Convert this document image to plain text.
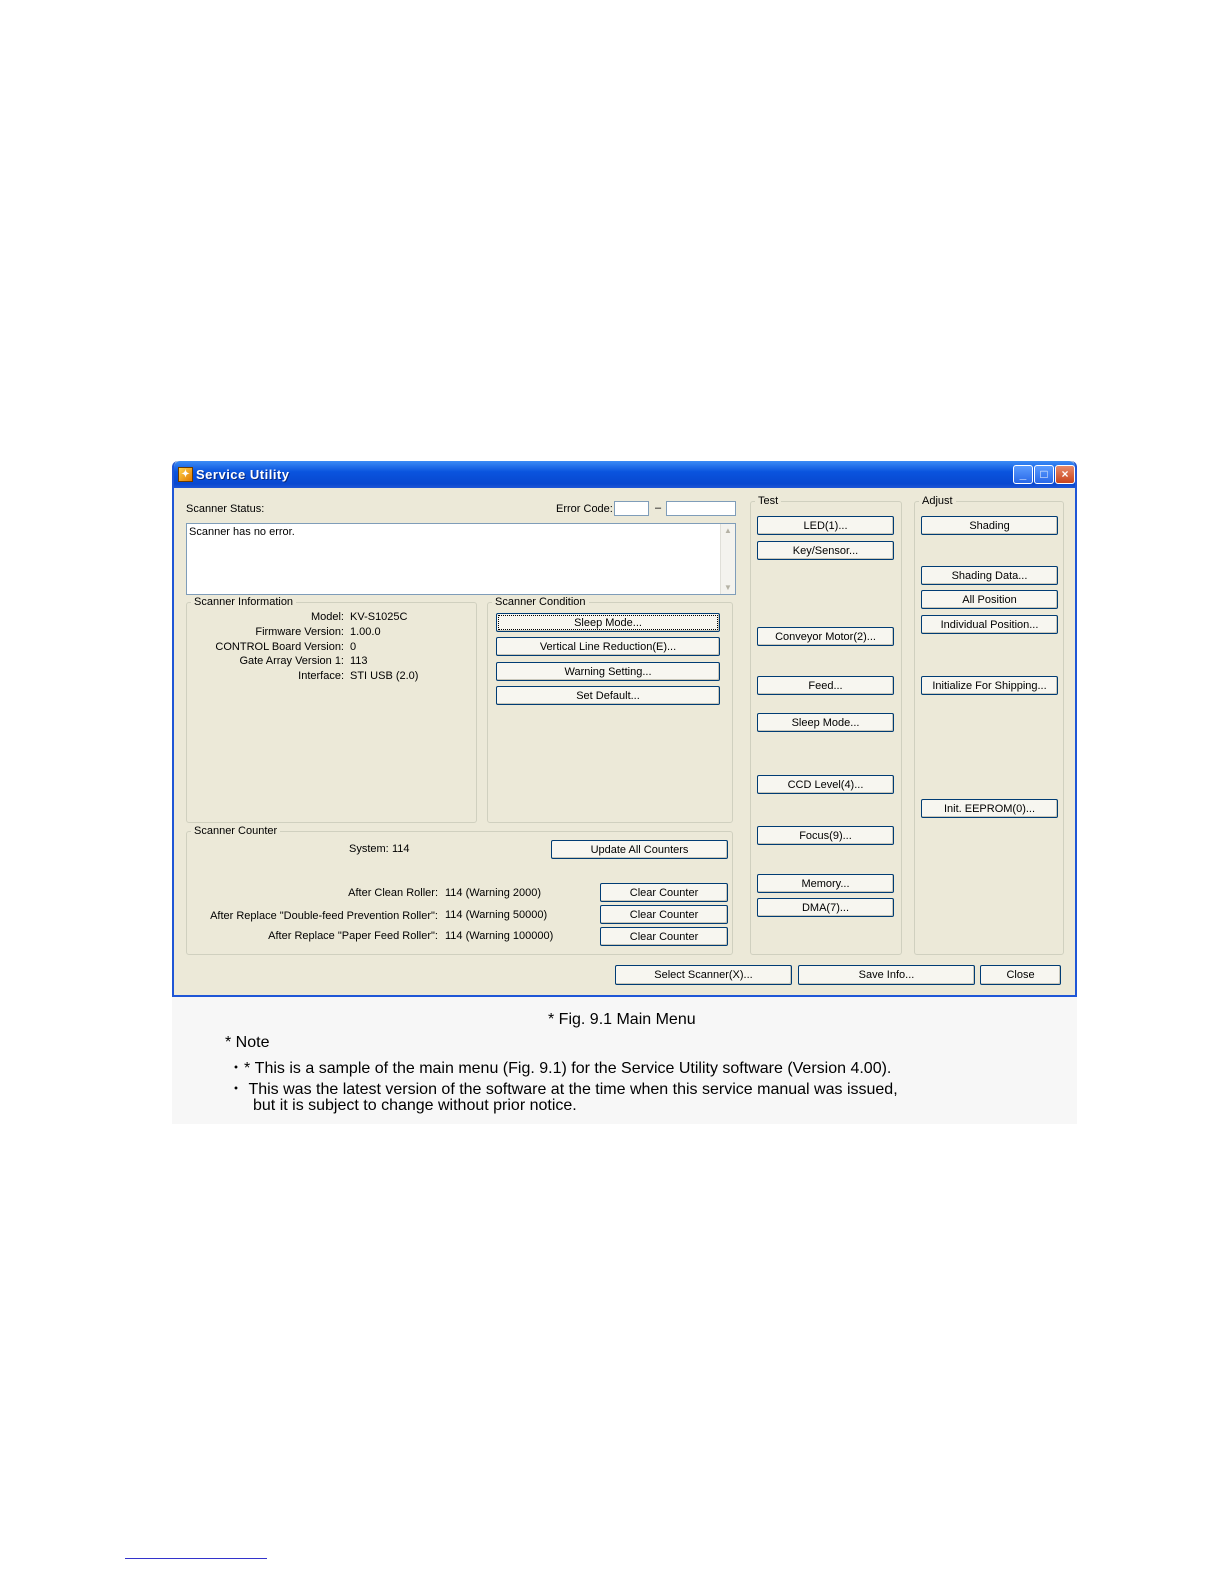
✦ Service Utility	_	□	×
Scanner Status:	Error Code:	–
Scanner has no error.	▲
▼
Scanner Information
Model: KV-S1025C
Firmware Version: 1.00.0
CONTROL Board Version: 0
Gate Array Version 1: 113
Interface: STI USB (2.0)
Scanner Condition
Sleep Mode...
Vertical Line Reduction(E)...
Warning Setting...
Set Default...
Scanner Counter
System: 114	Update All Counters
After Clean Roller: 114 (Warning 2000)	Clear Counter
After Replace "Double-feed Prevention Roller": 114 (Warning 50000)	Clear Counter
After Replace "Paper Feed Roller": 114 (Warning 100000)	Clear Counter
Test
LED(1)...
Key/Sensor...
Conveyor Motor(2)...
Feed...
Sleep Mode...
CCD Level(4)...
Focus(9)...
Memory...
DMA(7)...
Adjust
Shading
Shading Data...
All Position
Individual Position...
Initialize For Shipping...
Init. EEPROM(0)...
Select Scanner(X)...	Save Info...	Close
* Fig. 9.1 Main Menu
* Note
・* This is a sample of the main menu (Fig. 9.1) for the Service Utility software (Version 4.00).
・ This was the latest version of the software at the time when this service manual was issued,
but it is subject to change without prior notice.
